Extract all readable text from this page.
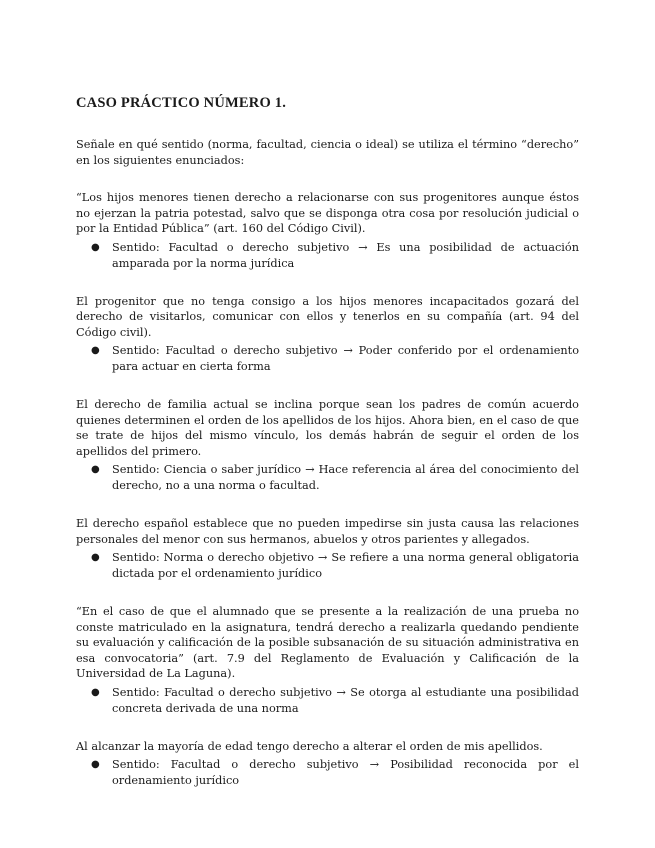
CASO PRÁCTICO NÚMERO 1.

Señale en qué sentido (norma, facultad, ciencia o ideal) se utiliza el término “derecho” en los siguientes enunciados:

“Los hijos menores tienen derecho a relacionarse con sus progenitores aunque éstos no ejerzan la patria potestad, salvo que se disponga otra cosa por resolución judicial o por la Entidad Pública” (art. 160 del Código Civil).

● Sentido: Facultad o derecho subjetivo → Es una posibilidad de actuación amparada por la norma jurídica

El progenitor que no tenga consigo a los hijos menores incapacitados gozará del derecho de visitarlos, comunicar con ellos y tenerlos en su compañía (art. 94 del Código civil).

● Sentido: Facultad o derecho subjetivo → Poder conferido por el ordenamiento para actuar en cierta forma

El derecho de familia actual se inclina porque sean los padres de común acuerdo quienes determinen el orden de los apellidos de los hijos. Ahora bien, en el caso de que se trate de hijos del mismo vínculo, los demás habrán de seguir el orden de los apellidos del primero.

● Sentido: Ciencia o saber jurídico → Hace referencia al área del conocimiento del derecho, no a una norma o facultad.

El derecho español establece que no pueden impedirse sin justa causa las relaciones personales del menor con sus hermanos, abuelos y otros parientes y allegados.

● Sentido: Norma o derecho objetivo → Se refiere a una norma general obligatoria dictada por el ordenamiento jurídico

“En el caso de que el alumnado que se presente a la realización de una prueba no conste matriculado en la asignatura, tendrá derecho a realizarla quedando pendiente su evaluación y calificación de la posible subsanación de su situación administrativa en esa convocatoria” (art. 7.9 del Reglamento de Evaluación y Calificación de la Universidad de La Laguna).

● Sentido: Facultad o derecho subjetivo → Se otorga al estudiante una posibilidad concreta derivada de una norma

Al alcanzar la mayoría de edad tengo derecho a alterar el orden de mis apellidos.

● Sentido: Facultad o derecho subjetivo → Posibilidad reconocida por el ordenamiento jurídico
